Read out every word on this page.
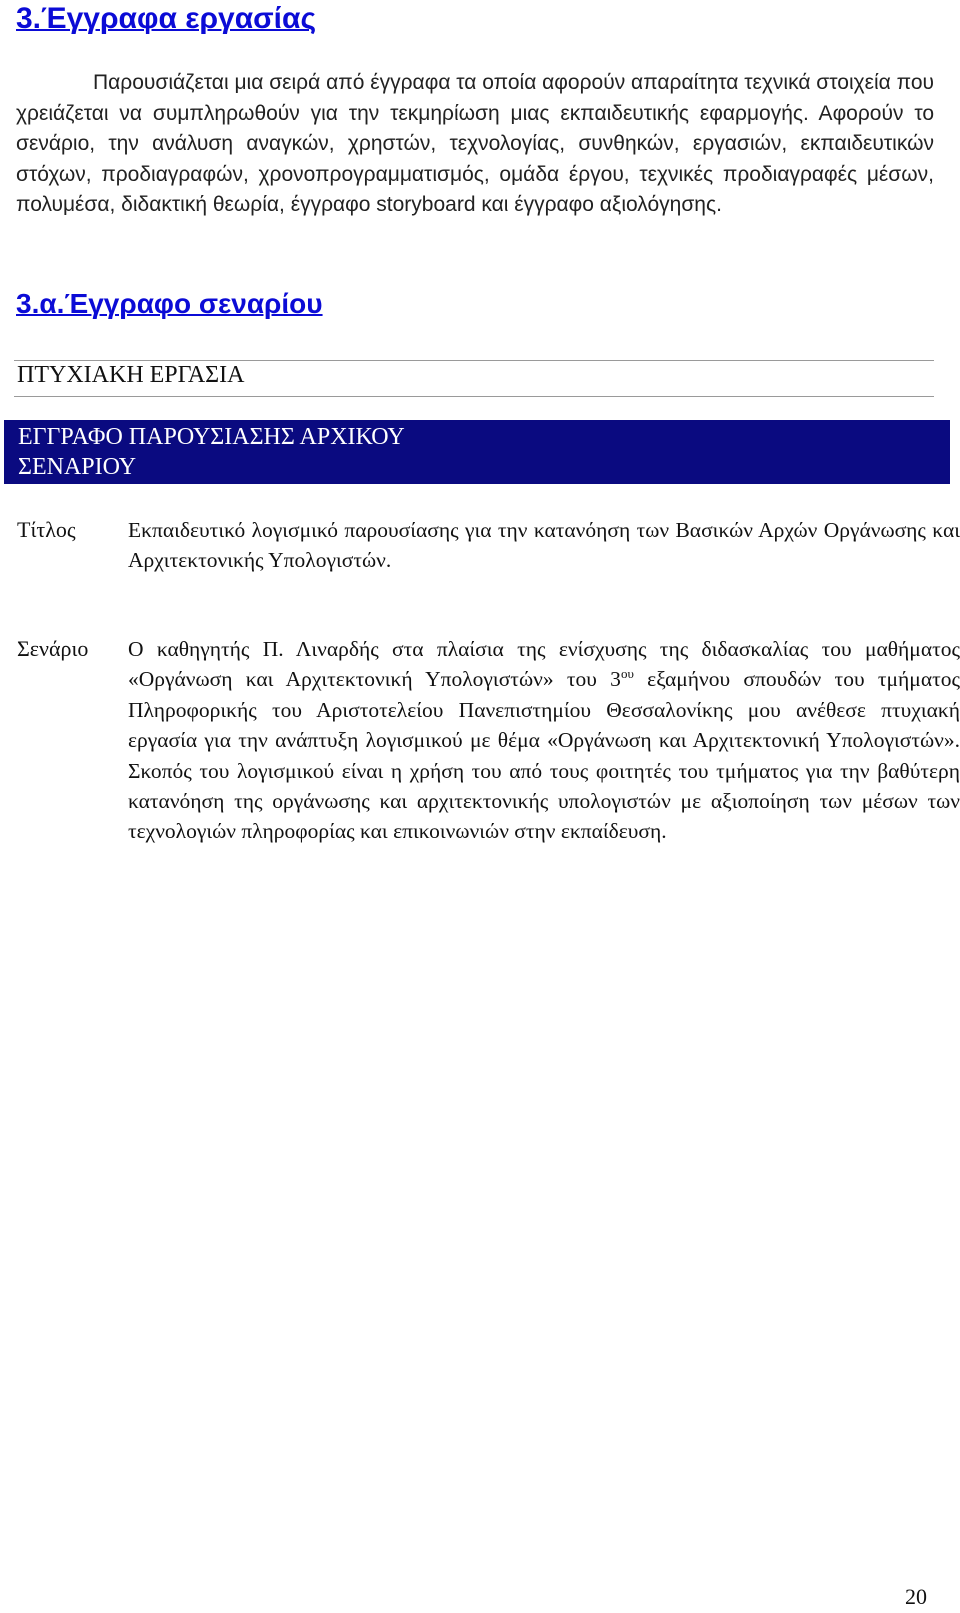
3.Έγγραφα εργασίας

Παρουσιάζεται μια σειρά από έγγραφα τα οποία αφορούν απαραίτητα τεχνικά στοιχεία που χρειάζεται να συμπληρωθούν για την τεκμηρίωση μιας εκπαιδευτικής εφαρμογής. Αφορούν το σενάριο, την ανάλυση αναγκών, χρηστών, τεχνολογίας, συνθηκών, εργασιών, εκπαιδευτικών στόχων, προδιαγραφών, χρονοπρογραμματισμός, ομάδα έργου, τεχνικές προδιαγραφές μέσων, πολυμέσα, διδακτική θεωρία, έγγραφο storyboard και έγγραφο αξιολόγησης.

3.α.Έγγραφο σεναρίου
ΠΤΥΧΙΑΚΗ ΕΡΓΑΣΙΑ
ΕΓΓΡΑΦΟ ΠΑΡΟΥΣΙΑΣΗΣ ΑΡΧΙΚΟΥ ΣΕΝΑΡΙΟΥ
Τίτλος Εκπαιδευτικό λογισμικό παρουσίασης για την κατανόηση των Βασικών Αρχών Οργάνωσης και Αρχιτεκτονικής Υπολογιστών.

Σενάριο Ο καθηγητής Π. Λιναρδής στα πλαίσια της ενίσχυσης της διδασκαλίας του μαθήματος «Οργάνωση και Αρχιτεκτονική Υπολογιστών» του $3^{o\upsilon}$ εξαμήνου σπουδών του τμήματος Πληροφορικής του Αριστοτελείου Πανεπιστημίου Θεσσαλονίκης μου ανέθεσε πτυχιακή εργασία για την ανάπτυξη λογισμικού με θέμα «Οργάνωση και Αρχιτεκτονική Υπολογιστών». Σκοπός του λογισμικού είναι η χρήση του από τους φοιτητές του τμήματος για την βαθύτερη κατανόηση της οργάνωσης και αρχιτεκτονικής υπολογιστών με αξιοποίηση των μέσων των τεχνολογιών πληροφορίας και επικοινωνιών στην εκπαίδευση.

20
